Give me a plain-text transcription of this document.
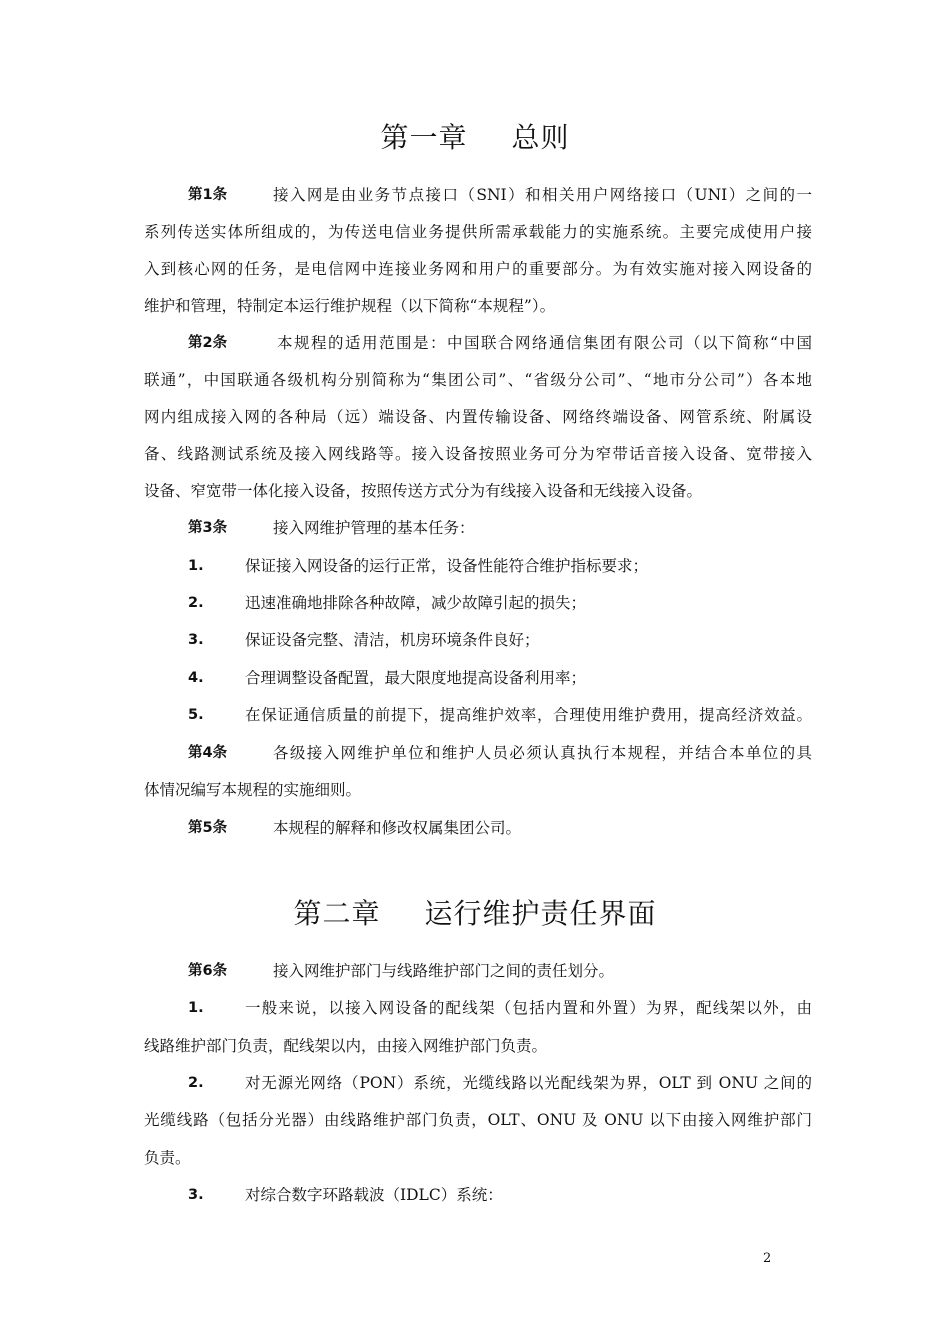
第一章 总则
第1条	接入网是由业务节点接口（SNI）和相关用户网络接口（UNI）之间的一
系列传送实体所组成的，为传送电信业务提供所需承载能力的实施系统。主要完成使用户接
入到核心网的任务，是电信网中连接业务网和用户的重要部分。为有效实施对接入网设备的
维护和管理，特制定本运行维护规程（以下简称“本规程”）。
第2条	本规程的适用范围是：中国联合网络通信集团有限公司（以下简称“中国
联通”，中国联通各级机构分别简称为“集团公司”、“省级分公司”、“地市分公司”）各本地
网内组成接入网的各种局（远）端设备、内置传输设备、网络终端设备、网管系统、附属设
备、线路测试系统及接入网线路等。接入设备按照业务可分为窄带话音接入设备、宽带接入
设备、窄宽带一体化接入设备，按照传送方式分为有线接入设备和无线接入设备。
第3条	接入网维护管理的基本任务：
1.	保证接入网设备的运行正常，设备性能符合维护指标要求；
2.	迅速准确地排除各种故障，减少故障引起的损失；
3.	保证设备完整、清洁，机房环境条件良好；
4.	合理调整设备配置，最大限度地提高设备利用率；
5.	在保证通信质量的前提下，提高维护效率，合理使用维护费用，提高经济效益。
第4条	各级接入网维护单位和维护人员必须认真执行本规程，并结合本单位的具
体情况编写本规程的实施细则。
第5条	本规程的解释和修改权属集团公司。
第二章 运行维护责任界面
第6条	接入网维护部门与线路维护部门之间的责任划分。
1.	一般来说，以接入网设备的配线架（包括内置和外置）为界，配线架以外，由
线路维护部门负责，配线架以内，由接入网维护部门负责。
2.	对无源光网络（PON）系统，光缆线路以光配线架为界，OLT 到 ONU 之间的
光缆线路（包括分光器）由线路维护部门负责，OLT、ONU 及 ONU 以下由接入网维护部门
负责。
3.	对综合数字环路载波（IDLC）系统：
2
